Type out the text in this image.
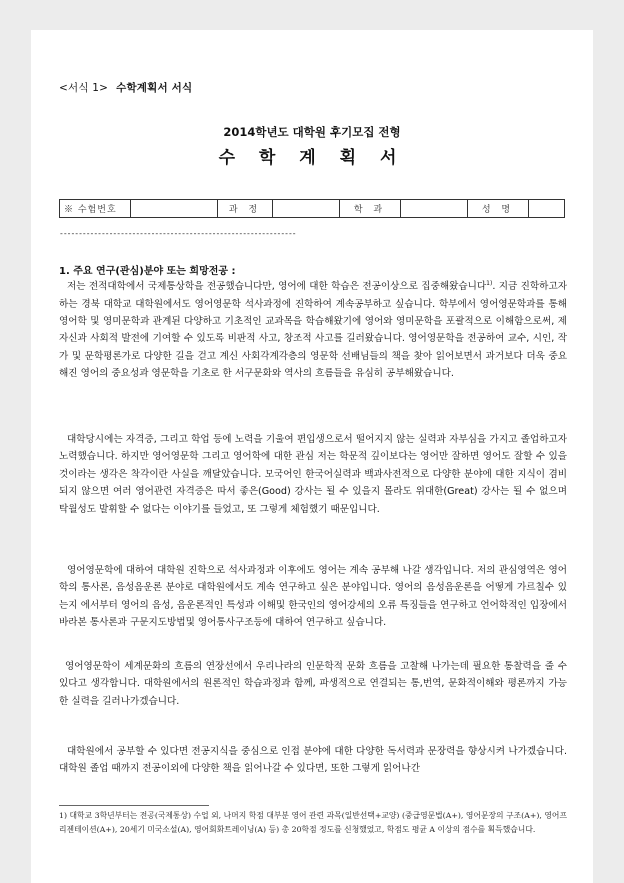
<서식 1> 수학계획서 서식
2014학년도 대학원 후기모집 전형
수 학 계 획 서
※ 수험번호		과 정		학 과		성 명	
--------------------------------------------------------------
1. 주요 연구(관심)분야 또는 희망전공 :

저는 전적대학에서 국제통상학을 전공했습니다만, 영어에 대한 학습은 전공이상으로 집중해왔습니다$^{1)}$. 지금 진학하고자 하는 경북 대학교 대학원에서도 영어영문학 석사과정에 진학하여 계속공부하고 싶습니다. 학부에서 영어영문학과를 통해 영어학 및 영미문학과 관계된 다양하고 기초적인 교과목을 학습해왔기에 영어와 영미문학을 포괄적으로 이해함으로써, 제자신과 사회적 발전에 기여할 수 있도록 비판적 사고, 창조적 사고를 길러왔습니다. 영어영문학을 전공하여 교수, 시인, 작가 및 문학평론가로 다양한 길을 걷고 계신 사회각계각층의 영문학 선배님들의 책을 찾아 읽어보면서 과거보다 더욱 중요해진 영어의 중요성과 영문학을 기초로 한 서구문화와 역사의 흐름들을 유심히 공부해왔습니다.

대학당시에는 자격증, 그리고 학업 등에 노력을 기울여 편입생으로서 떨어지지 않는 실력과 자부심을 가지고 졸업하고자 노력했습니다. 하지만 영어영문학 그리고 영어학에 대한 관심 저는 학문적 깊이보다는 영어만 잘하면 영어도 잘할 수 있을 것이라는 생각은 착각이란 사실을 깨달았습니다. 모국어인 한국어실력과 백과사전적으로 다양한 분야에 대한 지식이 겸비되지 않으면 여러 영어관련 자격증은 따서 좋은(Good) 강사는 될 수 있을지 몰라도 위대한(Great) 강사는 될 수 없으며 탁월성도 발휘할 수 없다는 이야기를 들었고, 또 그렇게 체험했기 때문입니다.

영어영문학에 대하여 대학원 진학으로 석사과정과 이후에도 영어는 계속 공부해 나갈 생각입니다. 저의 관심영역은 영어학의 통사론, 음성음운론 분야로 대학원에서도 계속 연구하고 싶은 분야입니다. 영어의 음성음운론을 어떻게 가르칠수 있는지 에서부터 영어의 음성, 음운론적인 특성과 이해및 한국인의 영어강세의 오류 특징들을 연구하고 언어학적인 입장에서 바라본 통사론과 구문지도방법및 영어통사구조등에 대하여 연구하고 싶습니다.

영어영문학이 세계문화의 흐름의 연장선에서 우리나라의 인문학적 문화 흐름을 고찰해 나가는데 필요한 통찰력을 줄 수 있다고 생각합니다. 대학원에서의 원론적인 학습과정과 함께, 파생적으로 연결되는 통,번역, 문화적이해와 평론까지 가능한 실력을 길러나가겠습니다.

대학원에서 공부할 수 있다면 전공지식을 중심으로 인접 분야에 대한 다양한 독서력과 문장력을 향상시켜 나가겠습니다. 대학원 졸업 때까지 전공이외에 다양한 책을 읽어나갈 수 있다면, 또한 그렇게 읽어나간

1) 대학교 3학년부터는 전공(국제통상) 수업 외, 나머지 학점 대부분 영어 관련 과목(일반선택+교양) (중급영문법(A+), 영어문장의 구조(A+), 영어프리젠테이션(A+), 20세기 미국소설(A), 영어회화트레이닝(A) 등) 총 20학점 정도를 신청했었고, 학점도 평균 A 이상의 점수를 획득했습니다.
